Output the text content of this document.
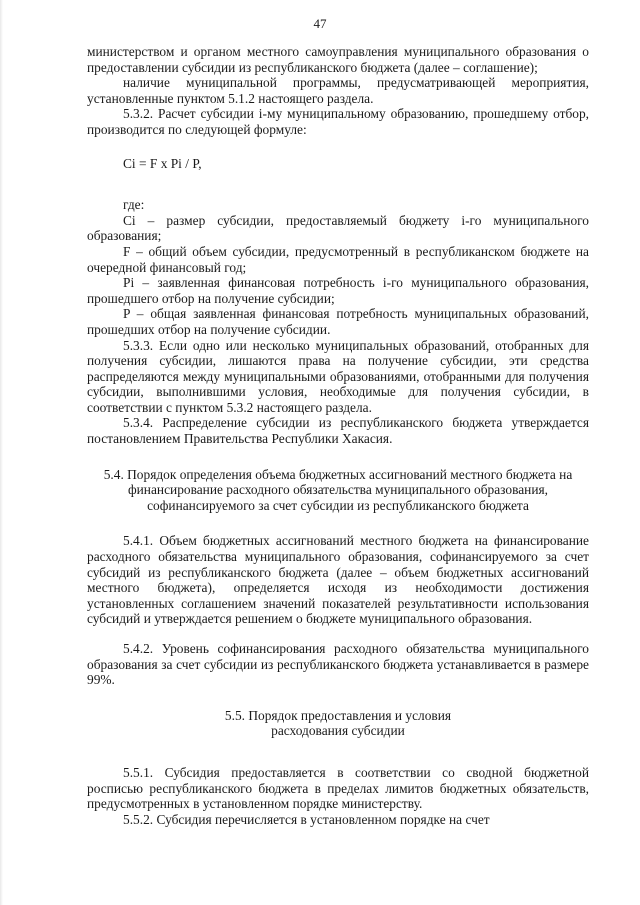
47

министерством и органом местного самоуправления муниципального образования о предоставлении субсидии из республиканского бюджета (далее – соглашение);

наличие муниципальной программы, предусматривающей мероприятия, установленные пунктом 5.1.2 настоящего раздела.

5.3.2. Расчет субсидии i-му муниципальному образованию, прошедшему отбор, производится по следующей формуле:

Ci = F x Pi / P,

где:

Ci – размер субсидии, предоставляемый бюджету i-го муниципального образования;

F – общий объем субсидии, предусмотренный в республиканском бюджете на очередной финансовый год;

Pi – заявленная финансовая потребность i-го муниципального образования, прошедшего отбор на получение субсидии;

P – общая заявленная финансовая потребность муниципальных образований, прошедших отбор на получение субсидии.

5.3.3. Если одно или несколько муниципальных образований, отобранных для получения субсидии, лишаются права на получение субсидии, эти средства распределяются между муниципальными образованиями, отобранными для получения субсидии, выполнившими условия, необходимые для получения субсидии, в соответствии с пунктом 5.3.2 настоящего раздела.

5.3.4. Распределение субсидии из республиканского бюджета утверждается постановлением Правительства Республики Хакасия.

5.4. Порядок определения объема бюджетных ассигнований местного бюджета на
финансирование расходного обязательства муниципального образования,
софинансируемого за счет субсидии из республиканского бюджета

5.4.1. Объем бюджетных ассигнований местного бюджета на финансирование расходного обязательства муниципального образования, софинансируемого за счет субсидий из республиканского бюджета (далее – объем бюджетных ассигнований местного бюджета), определяется исходя из необходимости достижения установленных соглашением значений показателей результативности использования субсидий и утверждается решением о бюджете муниципального образования.

5.4.2. Уровень софинансирования расходного обязательства муниципального образования за счет субсидии из республиканского бюджета устанавливается в размере 99%.

5.5. Порядок предоставления и условия
расходования субсидии

5.5.1. Субсидия предоставляется в соответствии со сводной бюджетной росписью республиканского бюджета в пределах лимитов бюджетных обязательств, предусмотренных в установленном порядке министерству.

5.5.2. Субсидия перечисляется в установленном порядке на счет
